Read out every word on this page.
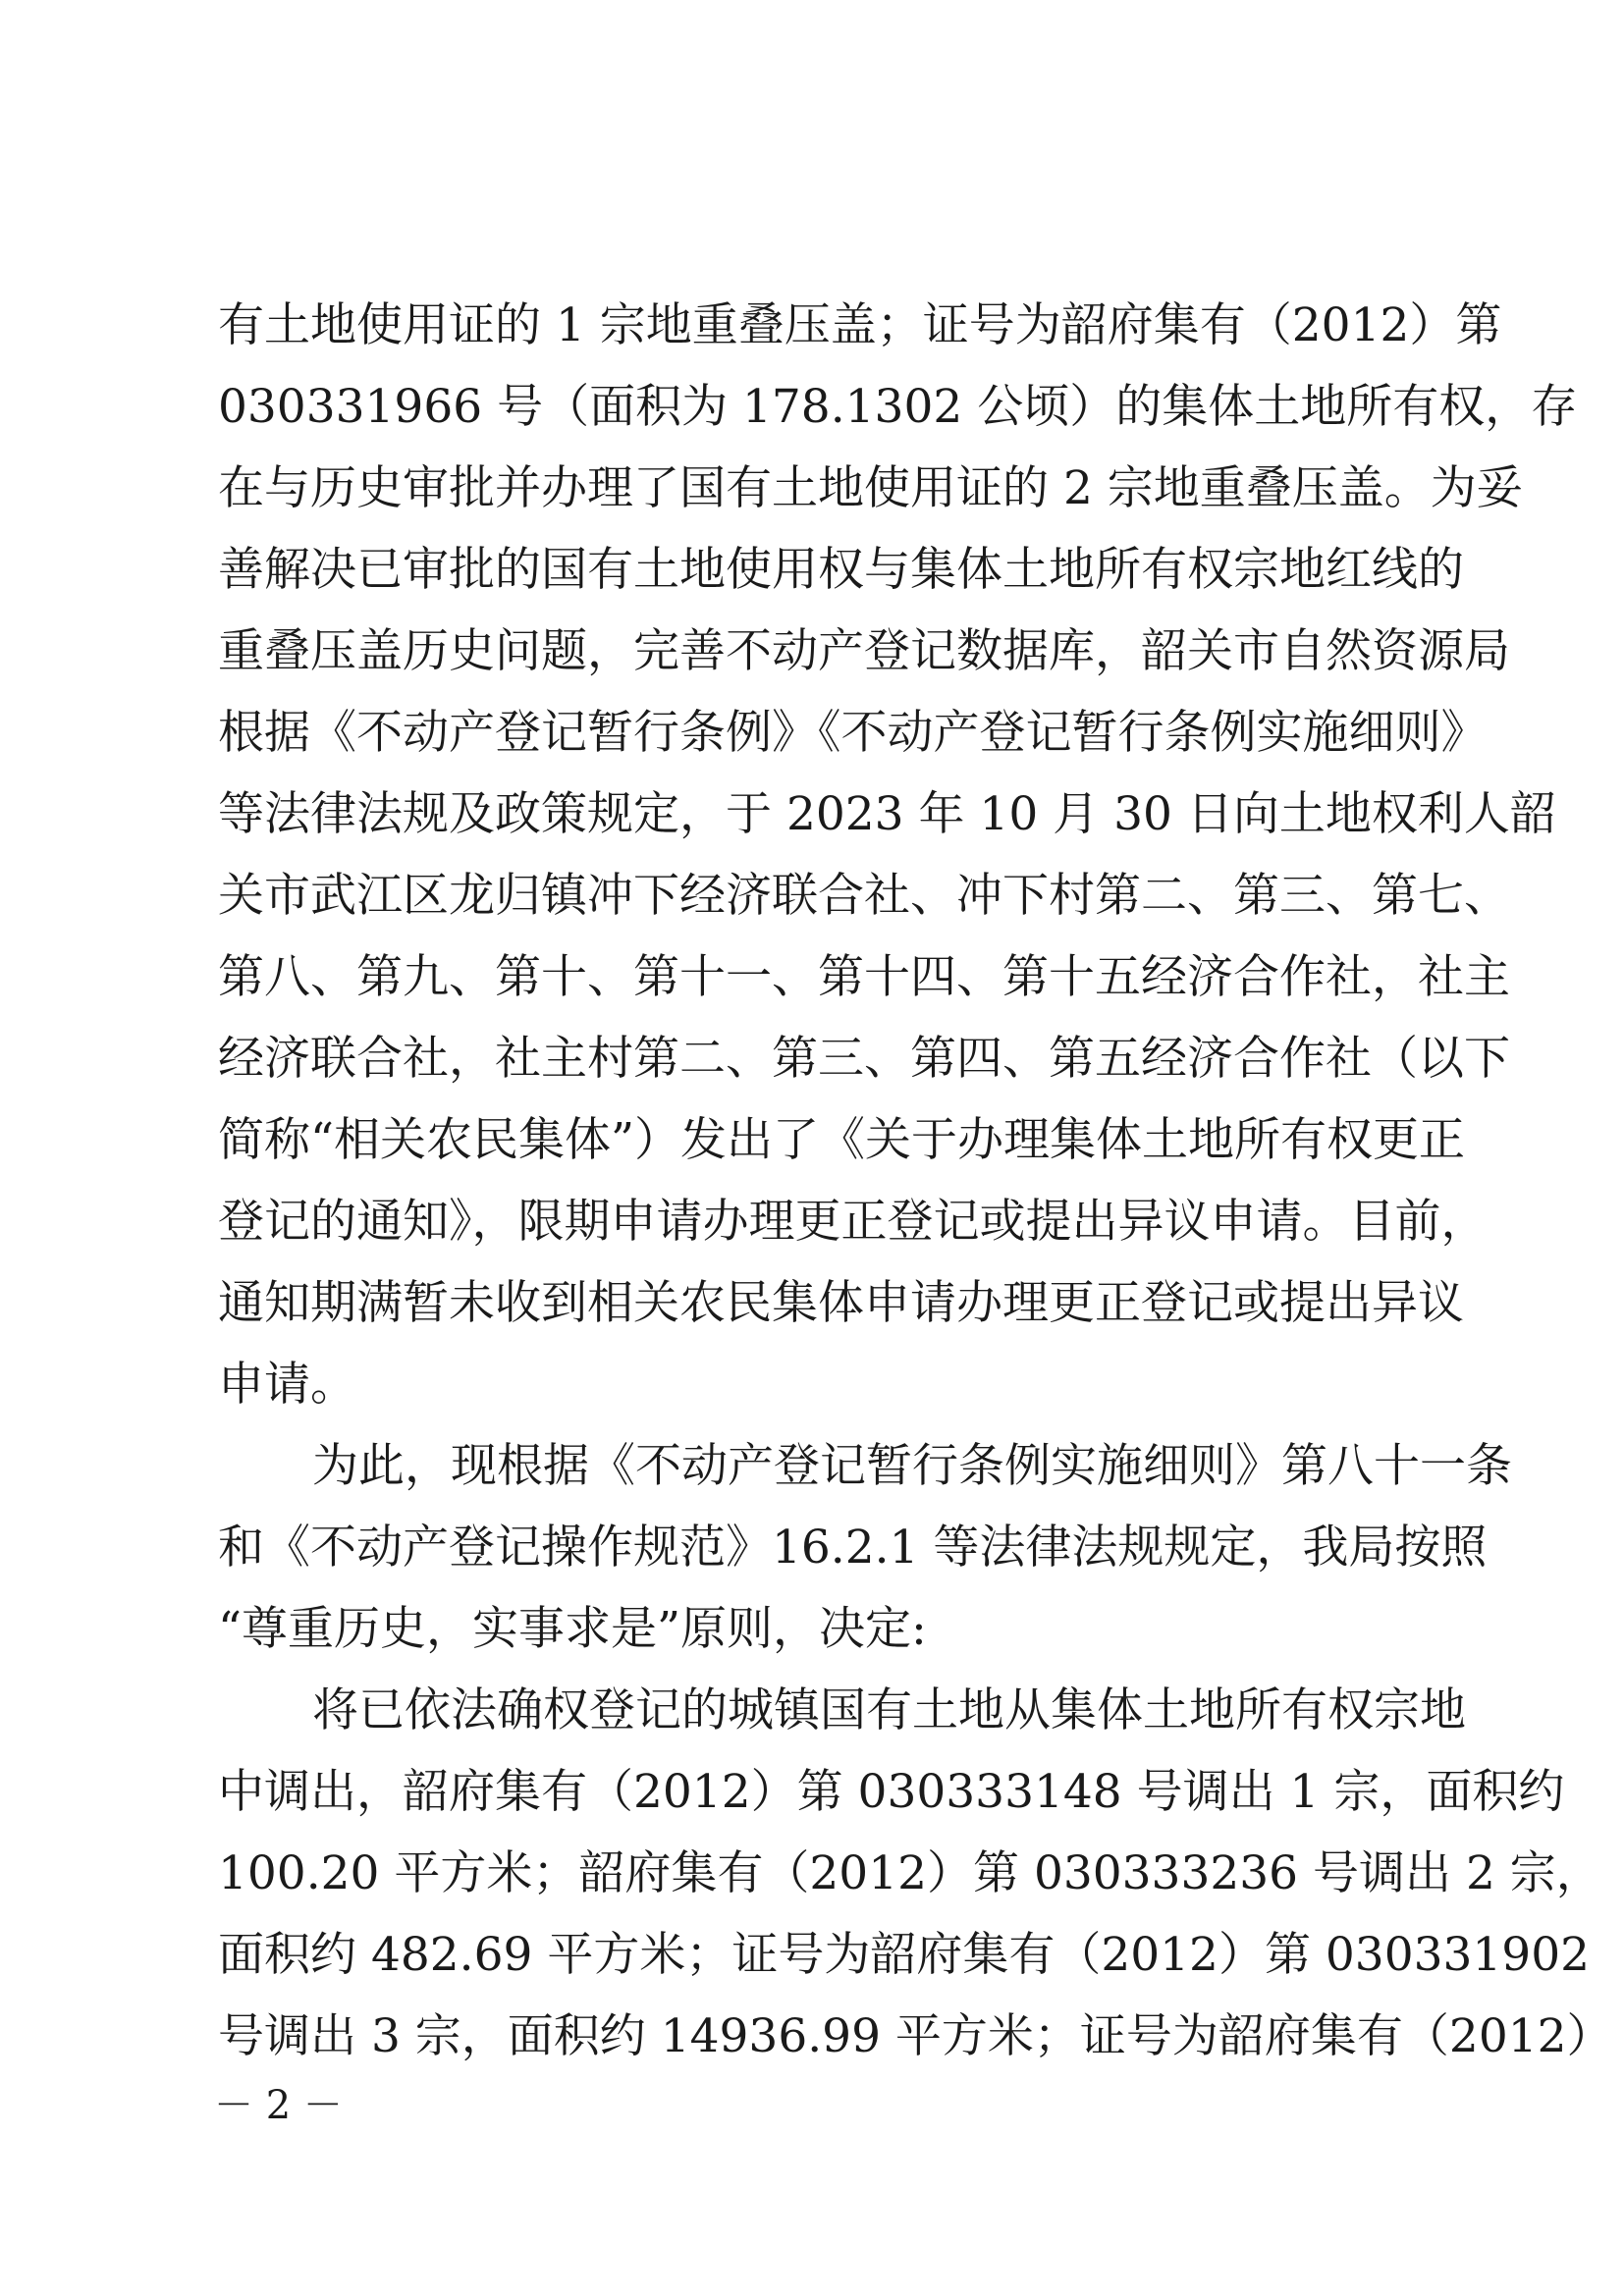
有土地使用证的 1 宗地重叠压盖；证号为韶府集有（2012）第
030331966 号（面积为 178.1302 公顷）的集体土地所有权，存
在与历史审批并办理了国有土地使用证的 2 宗地重叠压盖。为妥
善解决已审批的国有土地使用权与集体土地所有权宗地红线的
重叠压盖历史问题，完善不动产登记数据库，韶关市自然资源局
根据《不动产登记暂行条例》《不动产登记暂行条例实施细则》
等法律法规及政策规定，于 2023 年 10 月 30 日向土地权利人韶
关市武江区龙归镇冲下经济联合社、冲下村第二、第三、第七、
第八、第九、第十、第十一、第十四、第十五经济合作社，社主
经济联合社，社主村第二、第三、第四、第五经济合作社（以下
简称“相关农民集体”）发出了《关于办理集体土地所有权更正
登记的通知》，限期申请办理更正登记或提出异议申请。目前，
通知期满暂未收到相关农民集体申请办理更正登记或提出异议
申请。
为此，现根据《不动产登记暂行条例实施细则》第八十一条
和《不动产登记操作规范》16.2.1 等法律法规规定，我局按照
“尊重历史，实事求是”原则，决定:
将已依法确权登记的城镇国有土地从集体土地所有权宗地
中调出，韶府集有（2012）第 030333148 号调出 1 宗，面积约
100.20 平方米；韶府集有（2012）第 030333236 号调出 2 宗，
面积约 482.69 平方米；证号为韶府集有（2012）第 030331902
号调出 3 宗，面积约 14936.99 平方米；证号为韶府集有（2012）
－ 2 －
